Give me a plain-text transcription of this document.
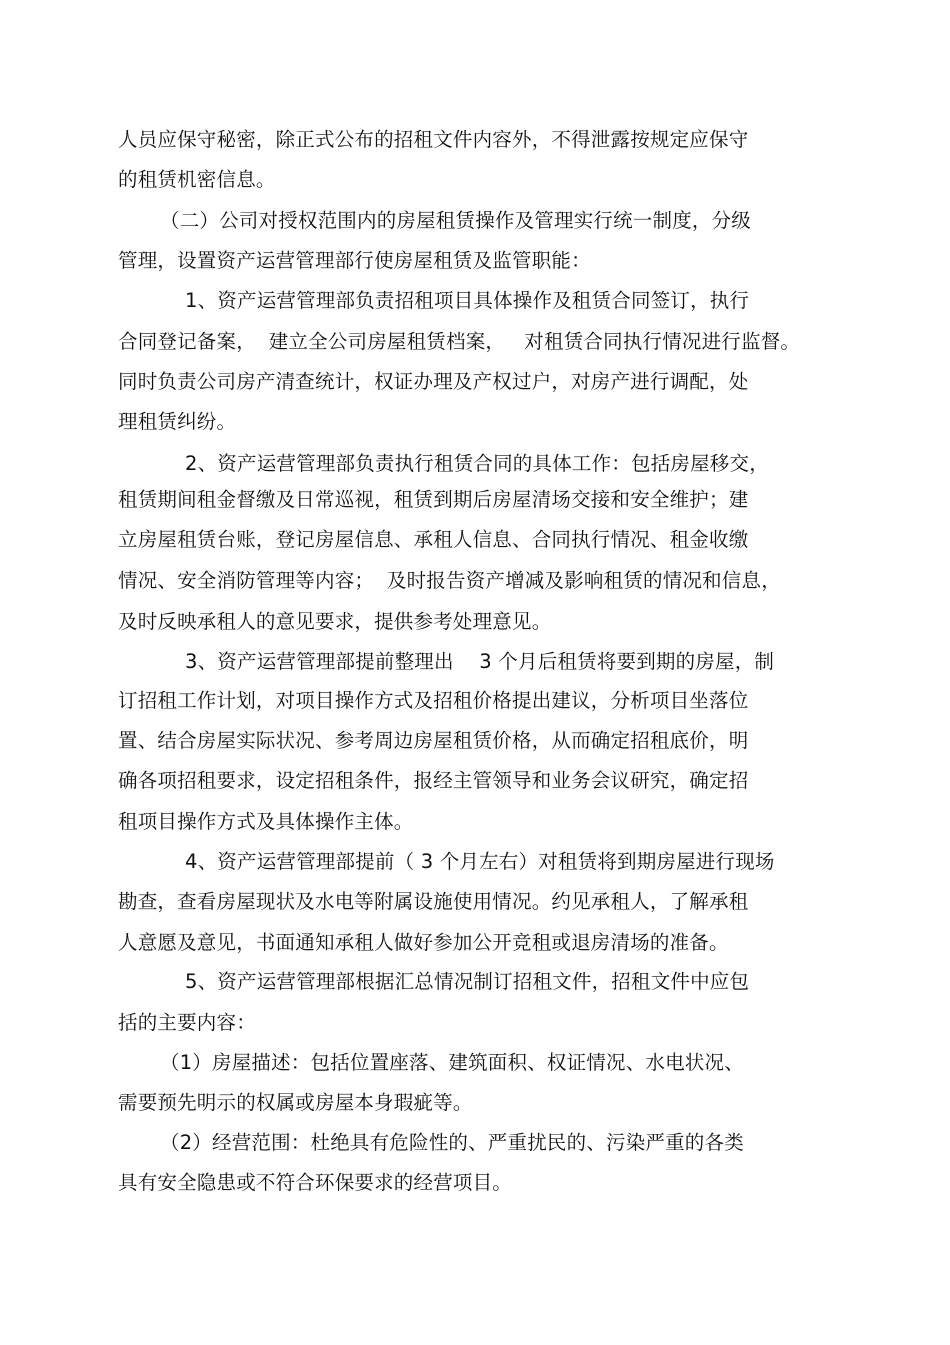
人员应保守秘密，除正式公布的招租文件内容外，不得泄露按规定应保守
的租赁机密信息。
（二）公司对授权范围内的房屋租赁操作及管理实行统一制度，分级
管理，设置资产运营管理部行使房屋租赁及监管职能：
1、资产运营管理部负责招租项目具体操作及租赁合同签订，执行
合同登记备案，  建立全公司房屋租赁档案，   对租赁合同执行情况进行监督。
同时负责公司房产清查统计，权证办理及产权过户，对房产进行调配，处
理租赁纠纷。
2、资产运营管理部负责执行租赁合同的具体工作：包括房屋移交，
租赁期间租金督缴及日常巡视，租赁到期后房屋清场交接和安全维护；建
立房屋租赁台账，登记房屋信息、承租人信息、合同执行情况、租金收缴
情况、安全消防管理等内容；  及时报告资产增减及影响租赁的情况和信息，
及时反映承租人的意见要求，提供参考处理意见。
3、资产运营管理部提前整理出    3 个月后租赁将要到期的房屋，制
订招租工作计划，对项目操作方式及招租价格提出建议，分析项目坐落位
置、结合房屋实际状况、参考周边房屋租赁价格，从而确定招租底价，明
确各项招租要求，设定招租条件，报经主管领导和业务会议研究，确定招
租项目操作方式及具体操作主体。
4、资产运营管理部提前（ 3 个月左右）对租赁将到期房屋进行现场
勘查，查看房屋现状及水电等附属设施使用情况。约见承租人，了解承租
人意愿及意见，书面通知承租人做好参加公开竞租或退房清场的准备。
5、资产运营管理部根据汇总情况制订招租文件，招租文件中应包
括的主要内容：
（1）房屋描述：包括位置座落、建筑面积、权证情况、水电状况、
需要预先明示的权属或房屋本身瑕疵等。
（2）经营范围：杜绝具有危险性的、严重扰民的、污染严重的各类
具有安全隐患或不符合环保要求的经营项目。
